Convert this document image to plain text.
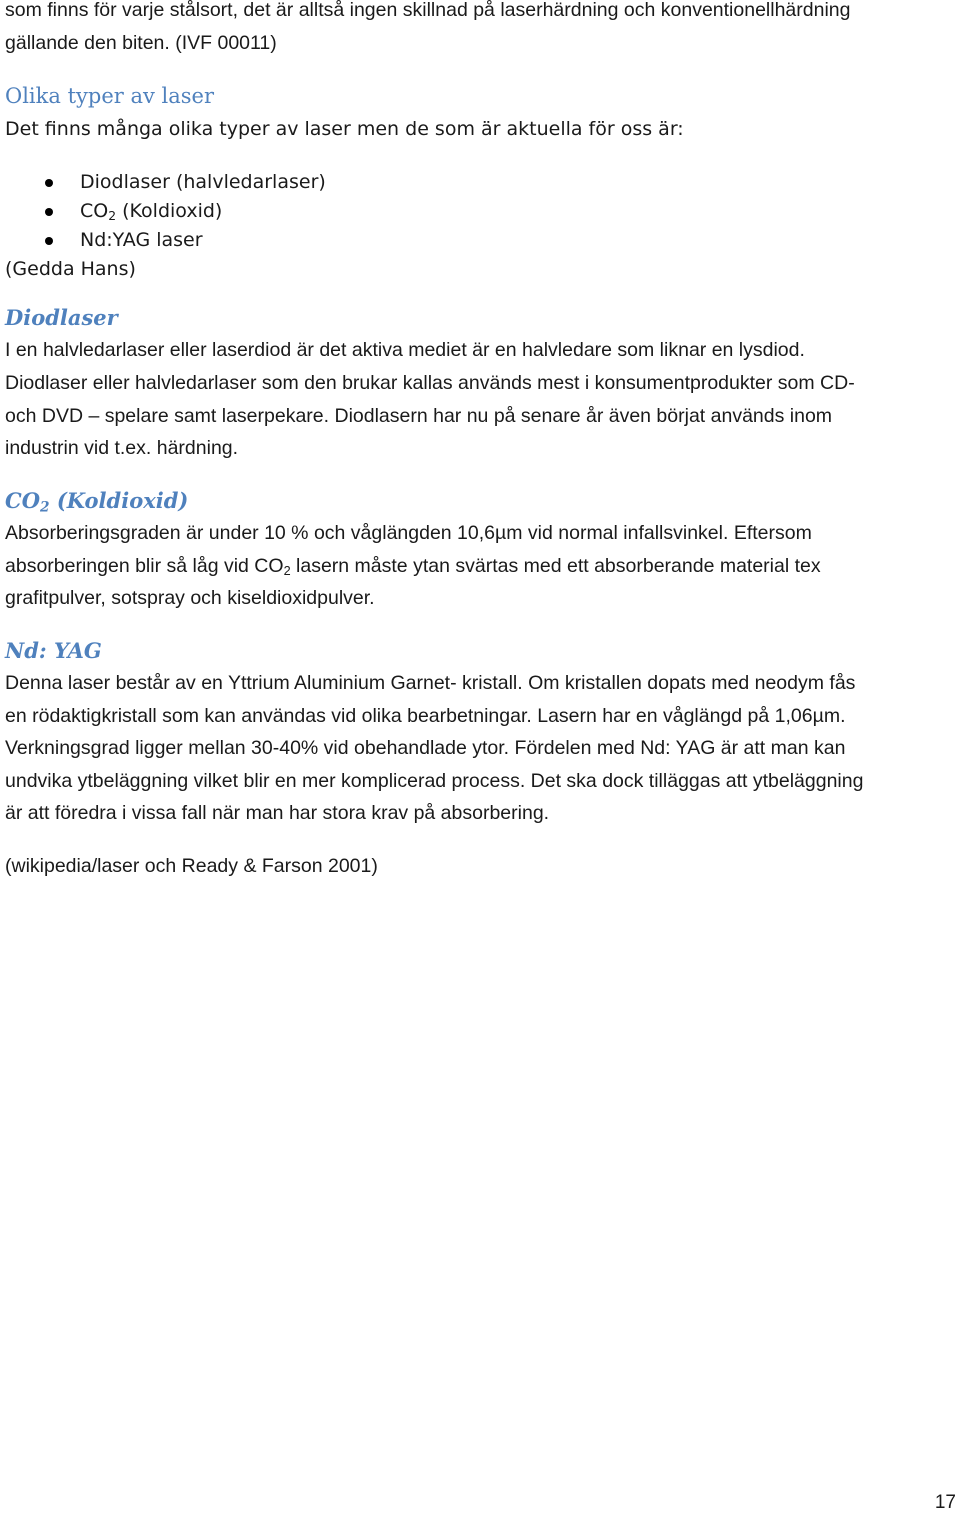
som finns för varje stålsort, det är alltså ingen skillnad på laserhärdning och konventionellhärdning
gällande den biten. (IVF 00011)

Olika typer av laser

Det finns många olika typer av laser men de som är aktuella för oss är:

Diodlaser (halvledarlaser)
$CO_2$ (Koldioxid)
Nd:YAG laser

(Gedda Hans)

Diodlaser

I en halvledarlaser eller laserdiod är det aktiva mediet är en halvledare som liknar en lysdiod.

Diodlaser eller halvledarlaser som den brukar kallas används mest i konsumentprodukter som CD-
och DVD – spelare samt laserpekare. Diodlasern har nu på senare år även börjat används inom
industrin vid t.ex. härdning.

$CO_2$ (Koldioxid)

Absorberingsgraden är under 10 % och våglängden 10,6µm vid normal infallsvinkel. Eftersom
absorberingen blir så låg vid $CO_2$ lasern måste ytan svärtas med ett absorberande material tex
grafitpulver, sotspray och kiseldioxidpulver.

Nd: YAG

Denna laser består av en Yttrium Aluminium Garnet- kristall. Om kristallen dopats med neodym fås
en rödaktigkristall som kan användas vid olika bearbetningar. Lasern har en våglängd på 1,06µm.
Verkningsgrad ligger mellan 30-40% vid obehandlade ytor. Fördelen med Nd: YAG är att man kan
undvika ytbeläggning vilket blir en mer komplicerad process. Det ska dock tilläggas att ytbeläggning
är att föredra i vissa fall när man har stora krav på absorbering.

(wikipedia/laser och Ready & Farson 2001)

17
